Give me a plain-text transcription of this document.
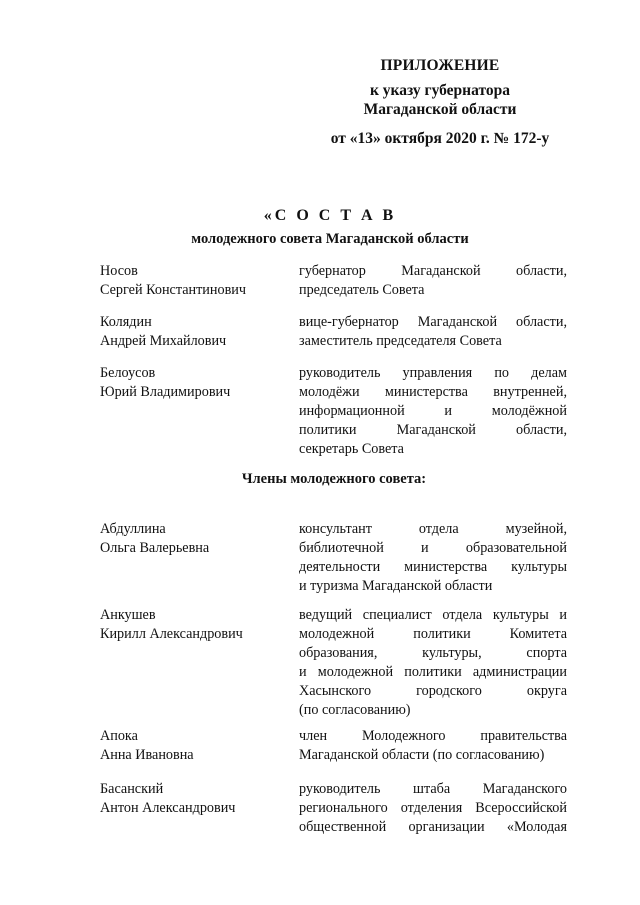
ПРИЛОЖЕНИЕ
к указу губернатора
Магаданской области
от «13» октября 2020 г. № 172-у
«С О С Т А В
молодежного совета Магаданской области
Носов
Сергей Константинович
губернатор Магаданской области,
председатель Совета
Колядин
Андрей Михайлович
вице-губернатор Магаданской области,
заместитель председателя Совета
Белоусов
Юрий Владимирович
руководитель управления по делам
молодёжи министерства внутренней,
информационной и молодёжной
политики Магаданской области,
секретарь Совета
Члены молодежного совета:
Абдуллина
Ольга Валерьевна
консультант отдела музейной,
библиотечной и образовательной
деятельности министерства культуры
и туризма Магаданской области
Анкушев
Кирилл Александрович
ведущий специалист отдела культуры и
молодежной политики Комитета
образования, культуры, спорта
и молодежной политики администрации
Хасынского городского округа
(по согласованию)
Апока
Анна Ивановна
член Молодежного правительства
Магаданской области (по согласованию)
Басанский
Антон Александрович
руководитель штаба Магаданского
регионального отделения Всероссийской
общественной организации «Молодая
